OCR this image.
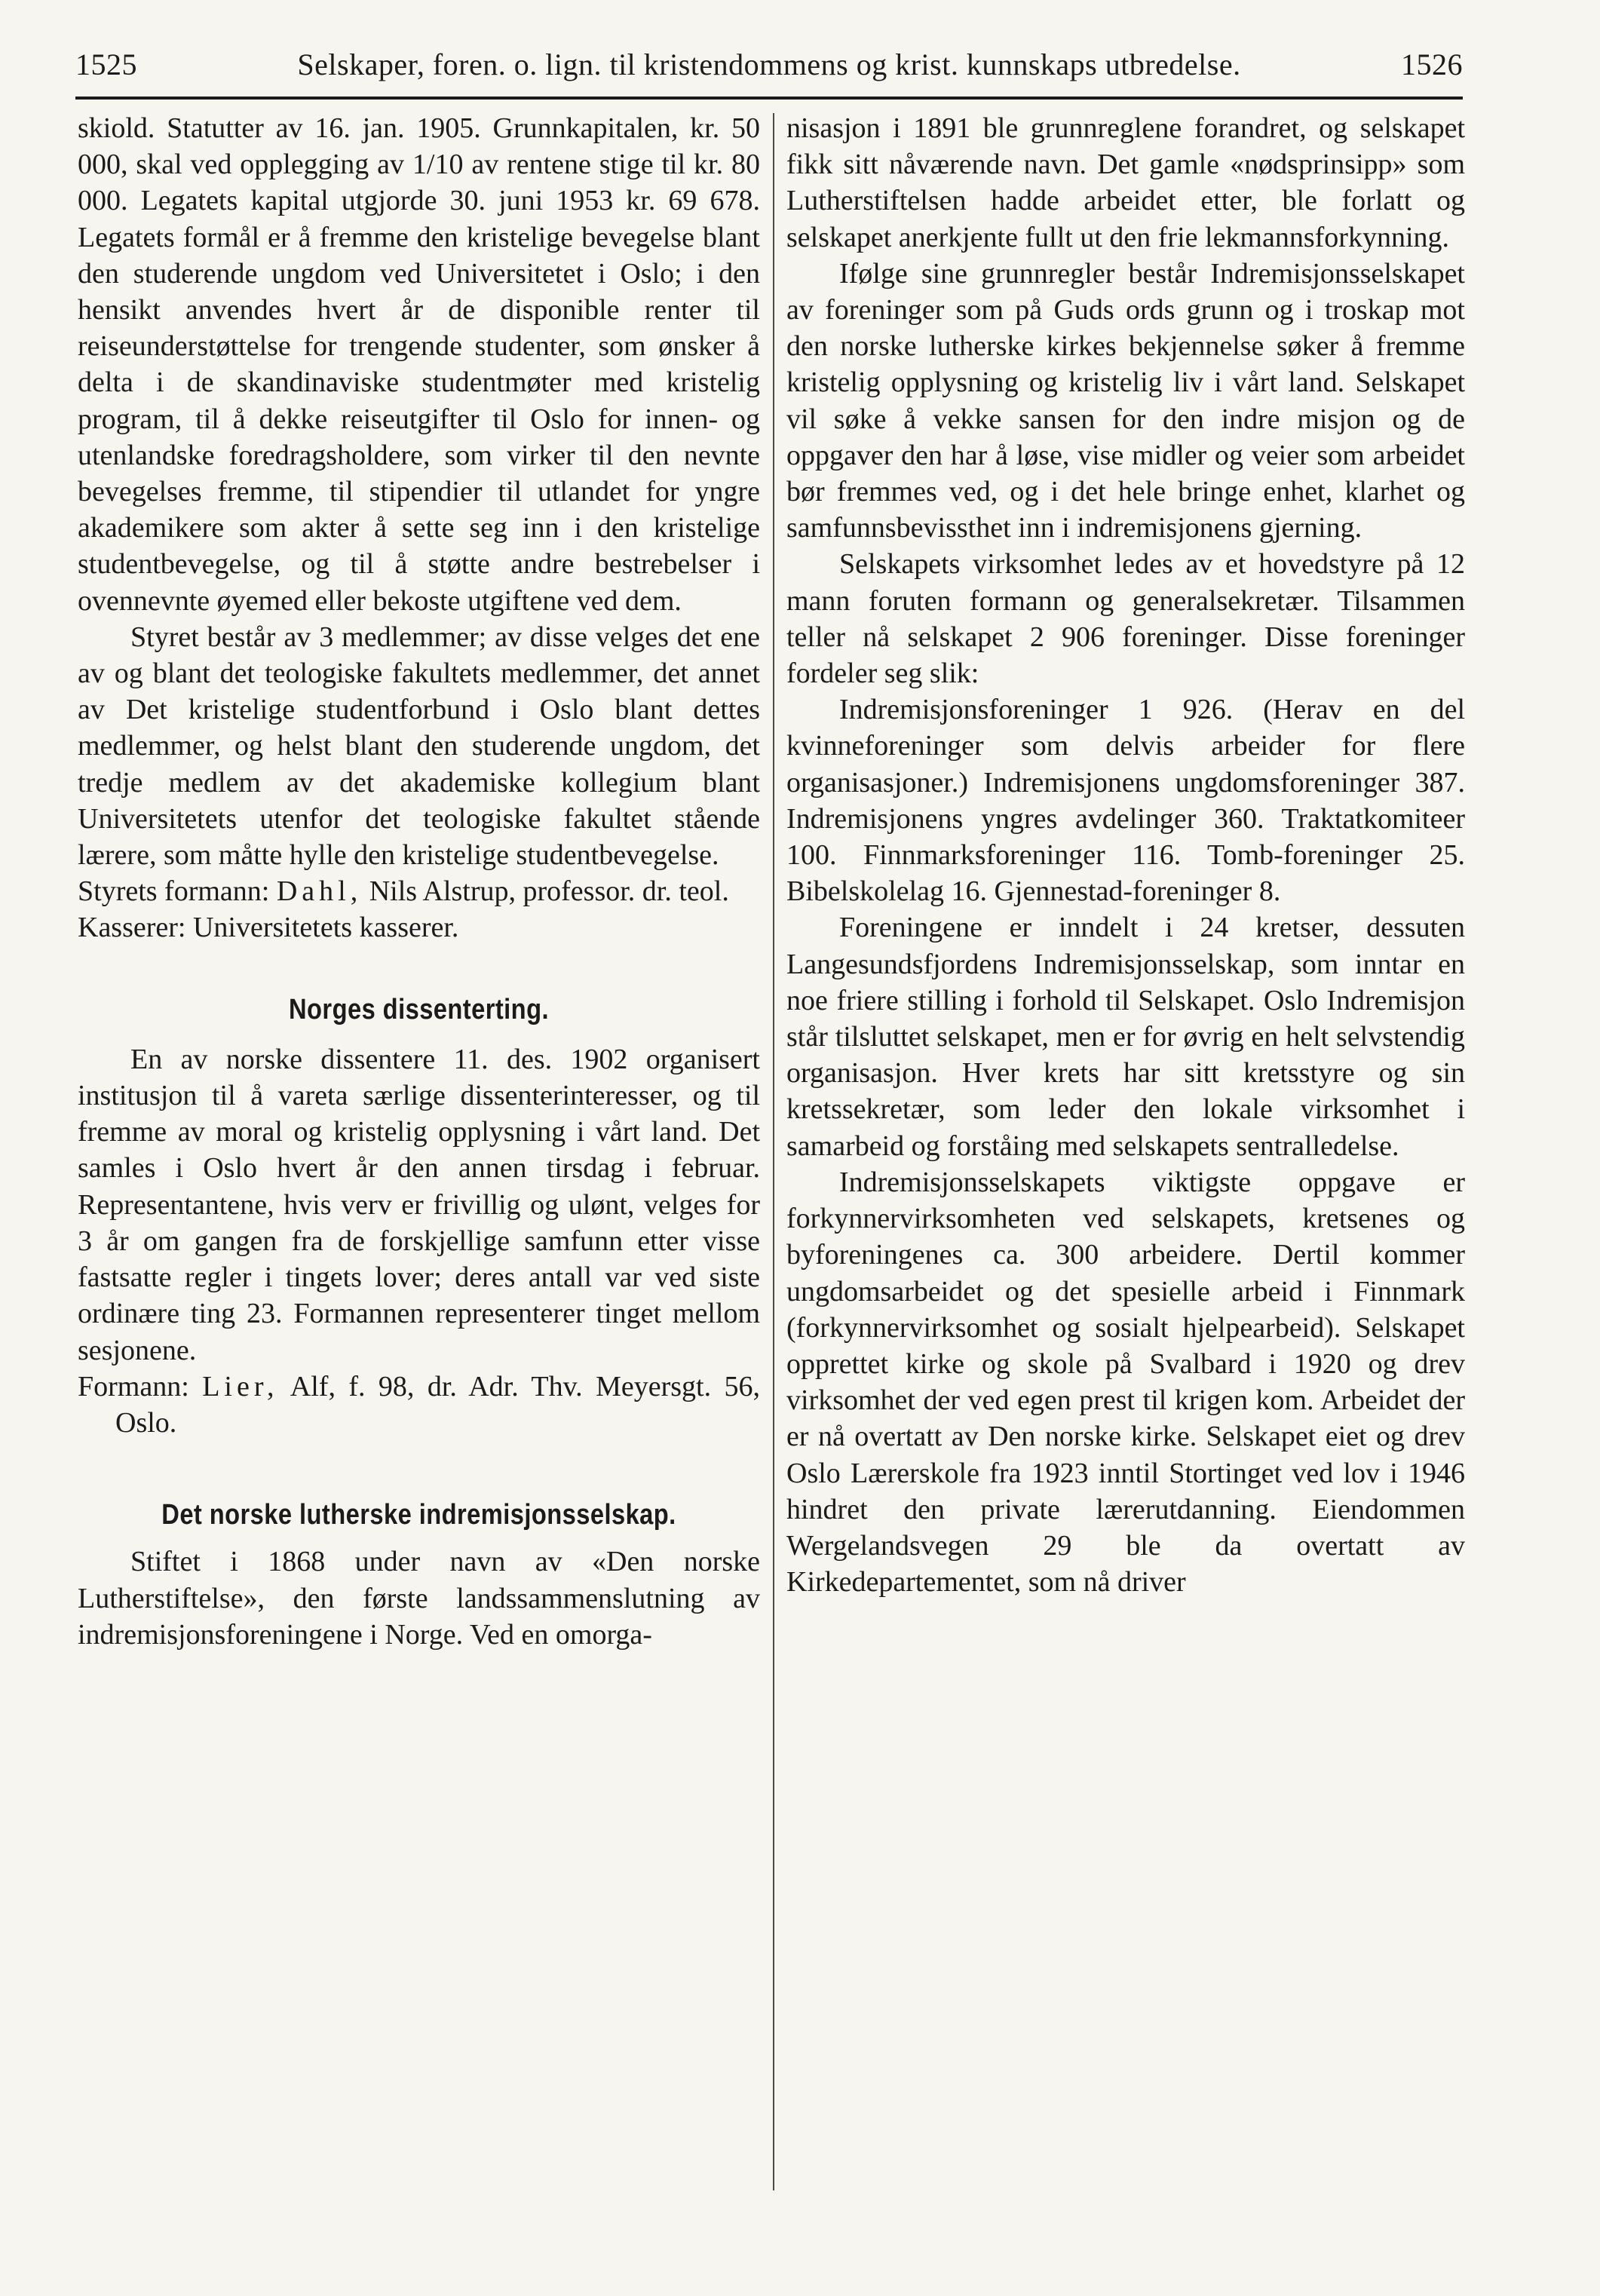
1525	Selskaper, foren. o. lign. til kristendommens og krist. kunnskaps utbredelse.	1526

skiold. Statutter av 16. jan. 1905. Grunnkapitalen, kr. 50 000, skal ved opplegging av 1/10 av rentene stige til kr. 80 000. Legatets kapital utgjorde 30. juni 1953 kr. 69 678. Legatets formål er å fremme den kristelige bevegelse blant den studerende ungdom ved Universitetet i Oslo; i den hensikt anvendes hvert år de disponible renter til reiseunderstøttelse for trengende studenter, som ønsker å delta i de skandinaviske studentmøter med kristelig program, til å dekke reiseutgifter til Oslo for innen- og utenlandske foredragsholdere, som virker til den nevnte bevegelses fremme, til stipendier til utlandet for yngre akademikere som akter å sette seg inn i den kristelige studentbevegelse, og til å støtte andre bestrebelser i ovennevnte øyemed eller bekoste utgiftene ved dem.

Styret består av 3 medlemmer; av disse velges det ene av og blant det teologiske fakultets medlemmer, det annet av Det kristelige studentforbund i Oslo blant dettes medlemmer, og helst blant den studerende ungdom, det tredje medlem av det akademiske kollegium blant Universitetets utenfor det teologiske fakultet stående lærere, som måtte hylle den kristelige studentbevegelse.

Styrets formann: Dahl, Nils Alstrup, professor. dr. teol.

Kasserer: Universitetets kasserer.

Norges dissenterting.

En av norske dissentere 11. des. 1902 organisert institusjon til å vareta særlige dissenterinteresser, og til fremme av moral og kristelig opplysning i vårt land. Det samles i Oslo hvert år den annen tirsdag i februar. Representantene, hvis verv er frivillig og ulønt, velges for 3 år om gangen fra de forskjellige samfunn etter visse fastsatte regler i tingets lover; deres antall var ved siste ordinære ting 23. Formannen representerer tinget mellom sesjonene.

Formann: Lier, Alf, f. 98, dr. Adr. Thv. Meyersgt. 56, Oslo.

Det norske lutherske indremisjonsselskap.

Stiftet i 1868 under navn av «Den norske Lutherstiftelse», den første landssammenslutning av indremisjonsforeningene i Norge. Ved en omorga-

nisasjon i 1891 ble grunnreglene forandret, og selskapet fikk sitt nåværende navn. Det gamle «nødsprinsipp» som Lutherstiftelsen hadde arbeidet etter, ble forlatt og selskapet anerkjente fullt ut den frie lekmannsforkynning.

Ifølge sine grunnregler består Indremisjonsselskapet av foreninger som på Guds ords grunn og i troskap mot den norske lutherske kirkes bekjennelse søker å fremme kristelig opplysning og kristelig liv i vårt land. Selskapet vil søke å vekke sansen for den indre misjon og de oppgaver den har å løse, vise midler og veier som arbeidet bør fremmes ved, og i det hele bringe enhet, klarhet og samfunnsbevissthet inn i indremisjonens gjerning.

Selskapets virksomhet ledes av et hovedstyre på 12 mann foruten formann og generalsekretær. Tilsammen teller nå selskapet 2 906 foreninger. Disse foreninger fordeler seg slik:

Indremisjonsforeninger 1 926. (Herav en del kvinneforeninger som delvis arbeider for flere organisasjoner.) Indremisjonens ungdomsforeninger 387. Indremisjonens yngres avdelinger 360. Traktatkomiteer 100. Finnmarksforeninger 116. Tomb-foreninger 25. Bibelskolelag 16. Gjennestad-foreninger 8.

Foreningene er inndelt i 24 kretser, dessuten Langesundsfjordens Indremisjonsselskap, som inntar en noe friere stilling i forhold til Selskapet. Oslo Indremisjon står tilsluttet selskapet, men er for øvrig en helt selvstendig organisasjon. Hver krets har sitt kretsstyre og sin kretssekretær, som leder den lokale virksomhet i samarbeid og forståing med selskapets sentralledelse.

Indremisjonsselskapets viktigste oppgave er forkynnervirksomheten ved selskapets, kretsenes og byforeningenes ca. 300 arbeidere. Dertil kommer ungdomsarbeidet og det spesielle arbeid i Finnmark (forkynnervirksomhet og sosialt hjelpearbeid). Selskapet opprettet kirke og skole på Svalbard i 1920 og drev virksomhet der ved egen prest til krigen kom. Arbeidet der er nå overtatt av Den norske kirke. Selskapet eiet og drev Oslo Lærerskole fra 1923 inntil Stortinget ved lov i 1946 hindret den private lærerutdanning. Eiendommen Wergelandsvegen 29 ble da overtatt av Kirkedepartementet, som nå driver
